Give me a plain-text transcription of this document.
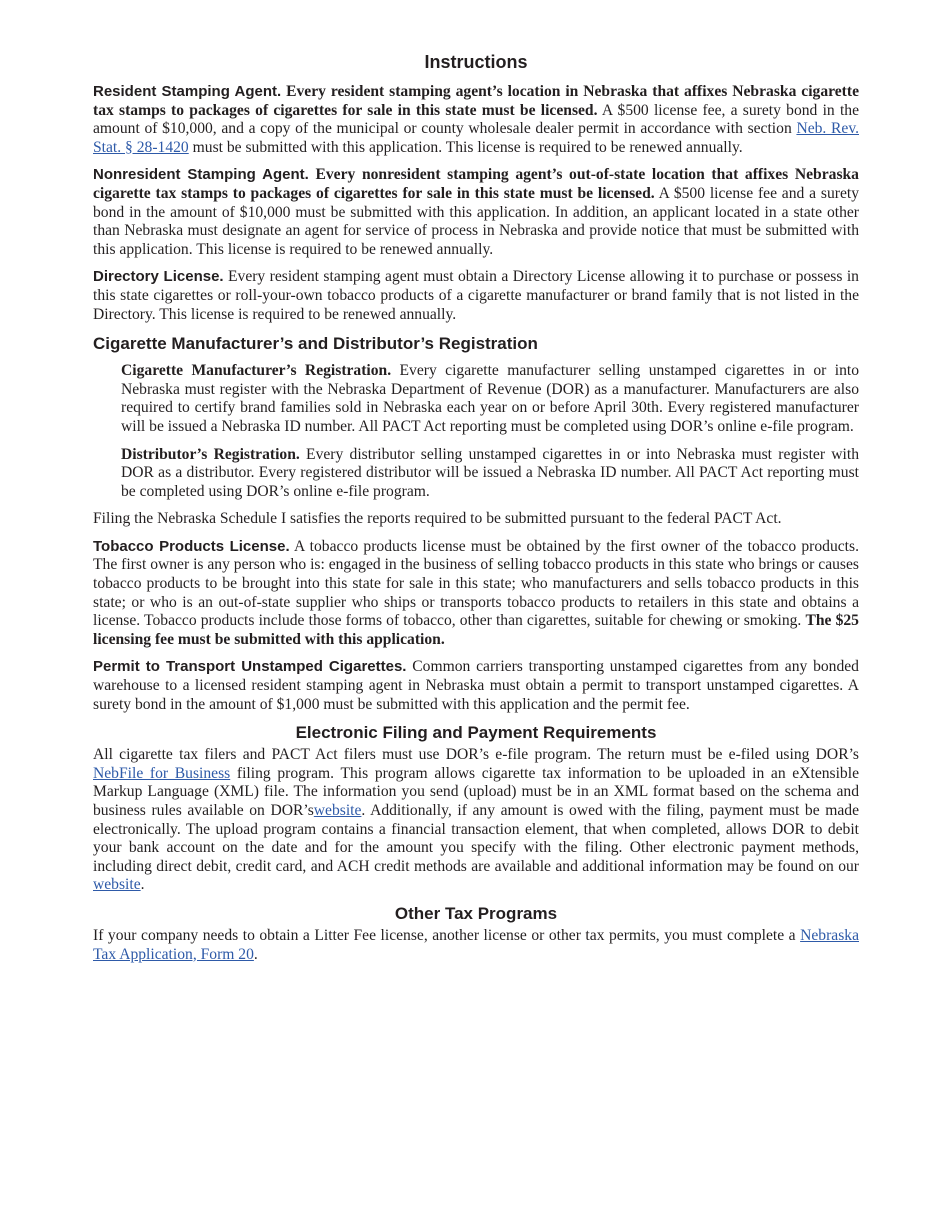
Instructions

Resident Stamping Agent. Every resident stamping agent’s location in Nebraska that affixes Nebraska cigarette tax stamps to packages of cigarettes for sale in this state must be licensed. A $500 license fee, a surety bond in the amount of $10,000, and a copy of the municipal or county wholesale dealer permit in accordance with section Neb. Rev. Stat. § 28-1420 must be submitted with this application. This license is required to be renewed annually.

Nonresident Stamping Agent. Every nonresident stamping agent’s out-of-state location that affixes Nebraska cigarette tax stamps to packages of cigarettes for sale in this state must be licensed. A $500 license fee and a surety bond in the amount of $10,000 must be submitted with this application. In addition, an applicant located in a state other than Nebraska must designate an agent for service of process in Nebraska and provide notice that must be submitted with this application. This license is required to be renewed annually.

Directory License. Every resident stamping agent must obtain a Directory License allowing it to purchase or possess in this state cigarettes or roll-your-own tobacco products of a cigarette manufacturer or brand family that is not listed in the Directory. This license is required to be renewed annually.

Cigarette Manufacturer’s and Distributor’s Registration

Cigarette Manufacturer’s Registration. Every cigarette manufacturer selling unstamped cigarettes in or into Nebraska must register with the Nebraska Department of Revenue (DOR) as a manufacturer. Manufacturers are also required to certify brand families sold in Nebraska each year on or before April 30th. Every registered manufacturer will be issued a Nebraska ID number. All PACT Act reporting must be completed using DOR’s online e-file program.

Distributor’s Registration. Every distributor selling unstamped cigarettes in or into Nebraska must register with DOR as a distributor. Every registered distributor will be issued a Nebraska ID number. All PACT Act reporting must be completed using DOR’s online e-file program.

Filing the Nebraska Schedule I satisfies the reports required to be submitted pursuant to the federal PACT Act.

Tobacco Products License. A tobacco products license must be obtained by the first owner of the tobacco products. The first owner is any person who is: engaged in the business of selling tobacco products in this state who brings or causes tobacco products to be brought into this state for sale in this state; who manufacturers and sells tobacco products in this state; or who is an out-of-state supplier who ships or transports tobacco products to retailers in this state and obtains a license. Tobacco products include those forms of tobacco, other than cigarettes, suitable for chewing or smoking. The $25 licensing fee must be submitted with this application.

Permit to Transport Unstamped Cigarettes. Common carriers transporting unstamped cigarettes from any bonded warehouse to a licensed resident stamping agent in Nebraska must obtain a permit to transport unstamped cigarettes. A surety bond in the amount of $1,000 must be submitted with this application and the permit fee.

Electronic Filing and Payment Requirements

All cigarette tax filers and PACT Act filers must use DOR’s e-file program. The return must be e-filed using DOR’s NebFile for Business filing program. This program allows cigarette tax information to be uploaded in an eXtensible Markup Language (XML) file. The information you send (upload) must be in an XML format based on the schema and business rules available on DOR’swebsite. Additionally, if any amount is owed with the filing, payment must be made electronically. The upload program contains a financial transaction element, that when completed, allows DOR to debit your bank account on the date and for the amount you specify with the filing. Other electronic payment methods, including direct debit, credit card, and ACH credit methods are available and additional information may be found on our website.

Other Tax Programs

If your company needs to obtain a Litter Fee license, another license or other tax permits, you must complete a Nebraska Tax Application, Form 20.
